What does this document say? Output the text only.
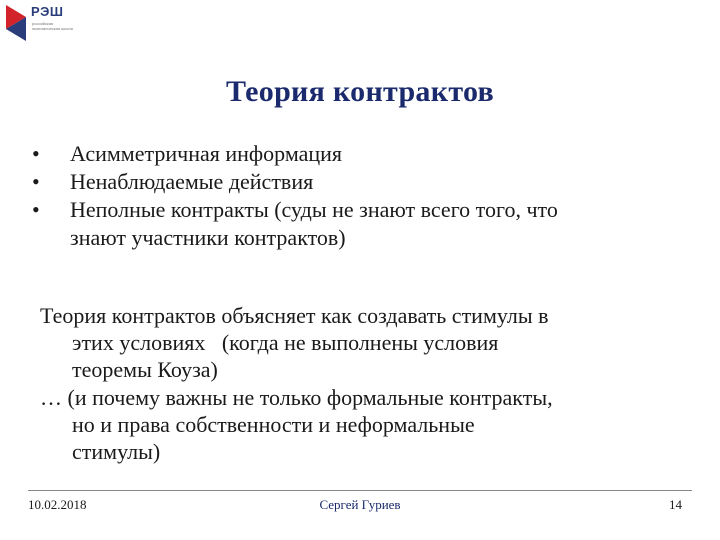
РЭШ
российская экономическая школа
Теория контрактов
• Асимметричная информация
• Ненаблюдаемые действия
• Неполные контракты (суды не знают всего того, что
знают участники контрактов)
Теория контрактов объясняет как создавать стимулы в
этих условиях   (когда не выполнены условия
теоремы Коуза)
… (и почему важны не только формальные контракты,
но и права собственности и неформальные
стимулы)
10.02.2018	Сергей Гуриев	14
